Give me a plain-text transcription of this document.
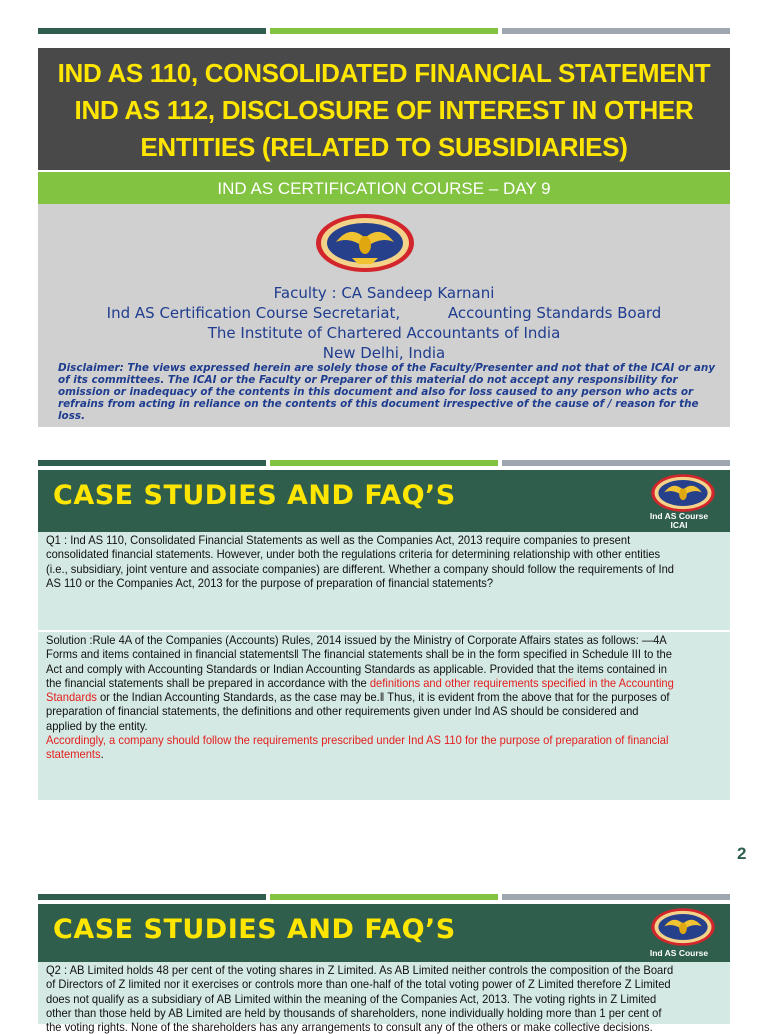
IND AS 110, CONSOLIDATED FINANCIAL STATEMENT
IND AS 112, DISCLOSURE OF INTEREST IN OTHER
ENTITIES (RELATED TO SUBSIDIARIES)
IND AS CERTIFICATION COURSE – DAY 9
Faculty : CA Sandeep Karnani
Ind AS Certification Course Secretariat,	Accounting Standards Board
The Institute of Chartered Accountants of India
New Delhi, India
Disclaimer: The views expressed herein are solely those of the Faculty/Presenter and not that of the ICAI or any of its committees. The ICAI or the Faculty or Preparer of this material do not accept any responsibility for omission or inadequacy of the contents in this document and also for loss caused to any person who acts or refrains from acting in reliance on the contents of this document irrespective of the cause of / reason for the loss.
CASE STUDIES AND FAQ’S
Ind AS Course
ICAI
Q1 : Ind AS 110, Consolidated Financial Statements as well as the Companies Act, 2013 require companies to present consolidated financial statements. However, under both the regulations criteria for determining relationship with other entities (i.e., subsidiary, joint venture and associate companies) are different. Whether a company should follow the requirements of Ind AS 110 or the Companies Act, 2013 for the purpose of preparation of financial statements?
Solution :Rule 4A of the Companies (Accounts) Rules, 2014 issued by the Ministry of Corporate Affairs states as follows: ―4A Forms and items contained in financial statements‖ The financial statements shall be in the form specified in Schedule III to the Act and comply with Accounting Standards or Indian Accounting Standards as applicable. Provided that the items contained in the financial statements shall be prepared in accordance with the definitions and other requirements specified in the Accounting Standards or the Indian Accounting Standards, as the case may be.‖ Thus, it is evident from the above that for the purposes of preparation of financial statements, the definitions and other requirements given under Ind AS should be considered and applied by the entity.
Accordingly, a company should follow the requirements prescribed under Ind AS 110 for the purpose of preparation of financial statements.
2
CASE STUDIES AND FAQ’S
Ind AS Course
Q2 : AB Limited holds 48 per cent of the voting shares in Z Limited. As AB Limited neither controls the composition of the Board of Directors of Z limited nor it exercises or controls more than one-half of the total voting power of Z Limited therefore Z Limited does not qualify as a subsidiary of AB Limited within the meaning of the Companies Act, 2013. The voting rights in Z Limited other than those held by AB Limited are held by thousands of shareholders, none individually holding more than 1 per cent of the voting rights. None of the shareholders has any arrangements to consult any of the others or make collective decisions.
